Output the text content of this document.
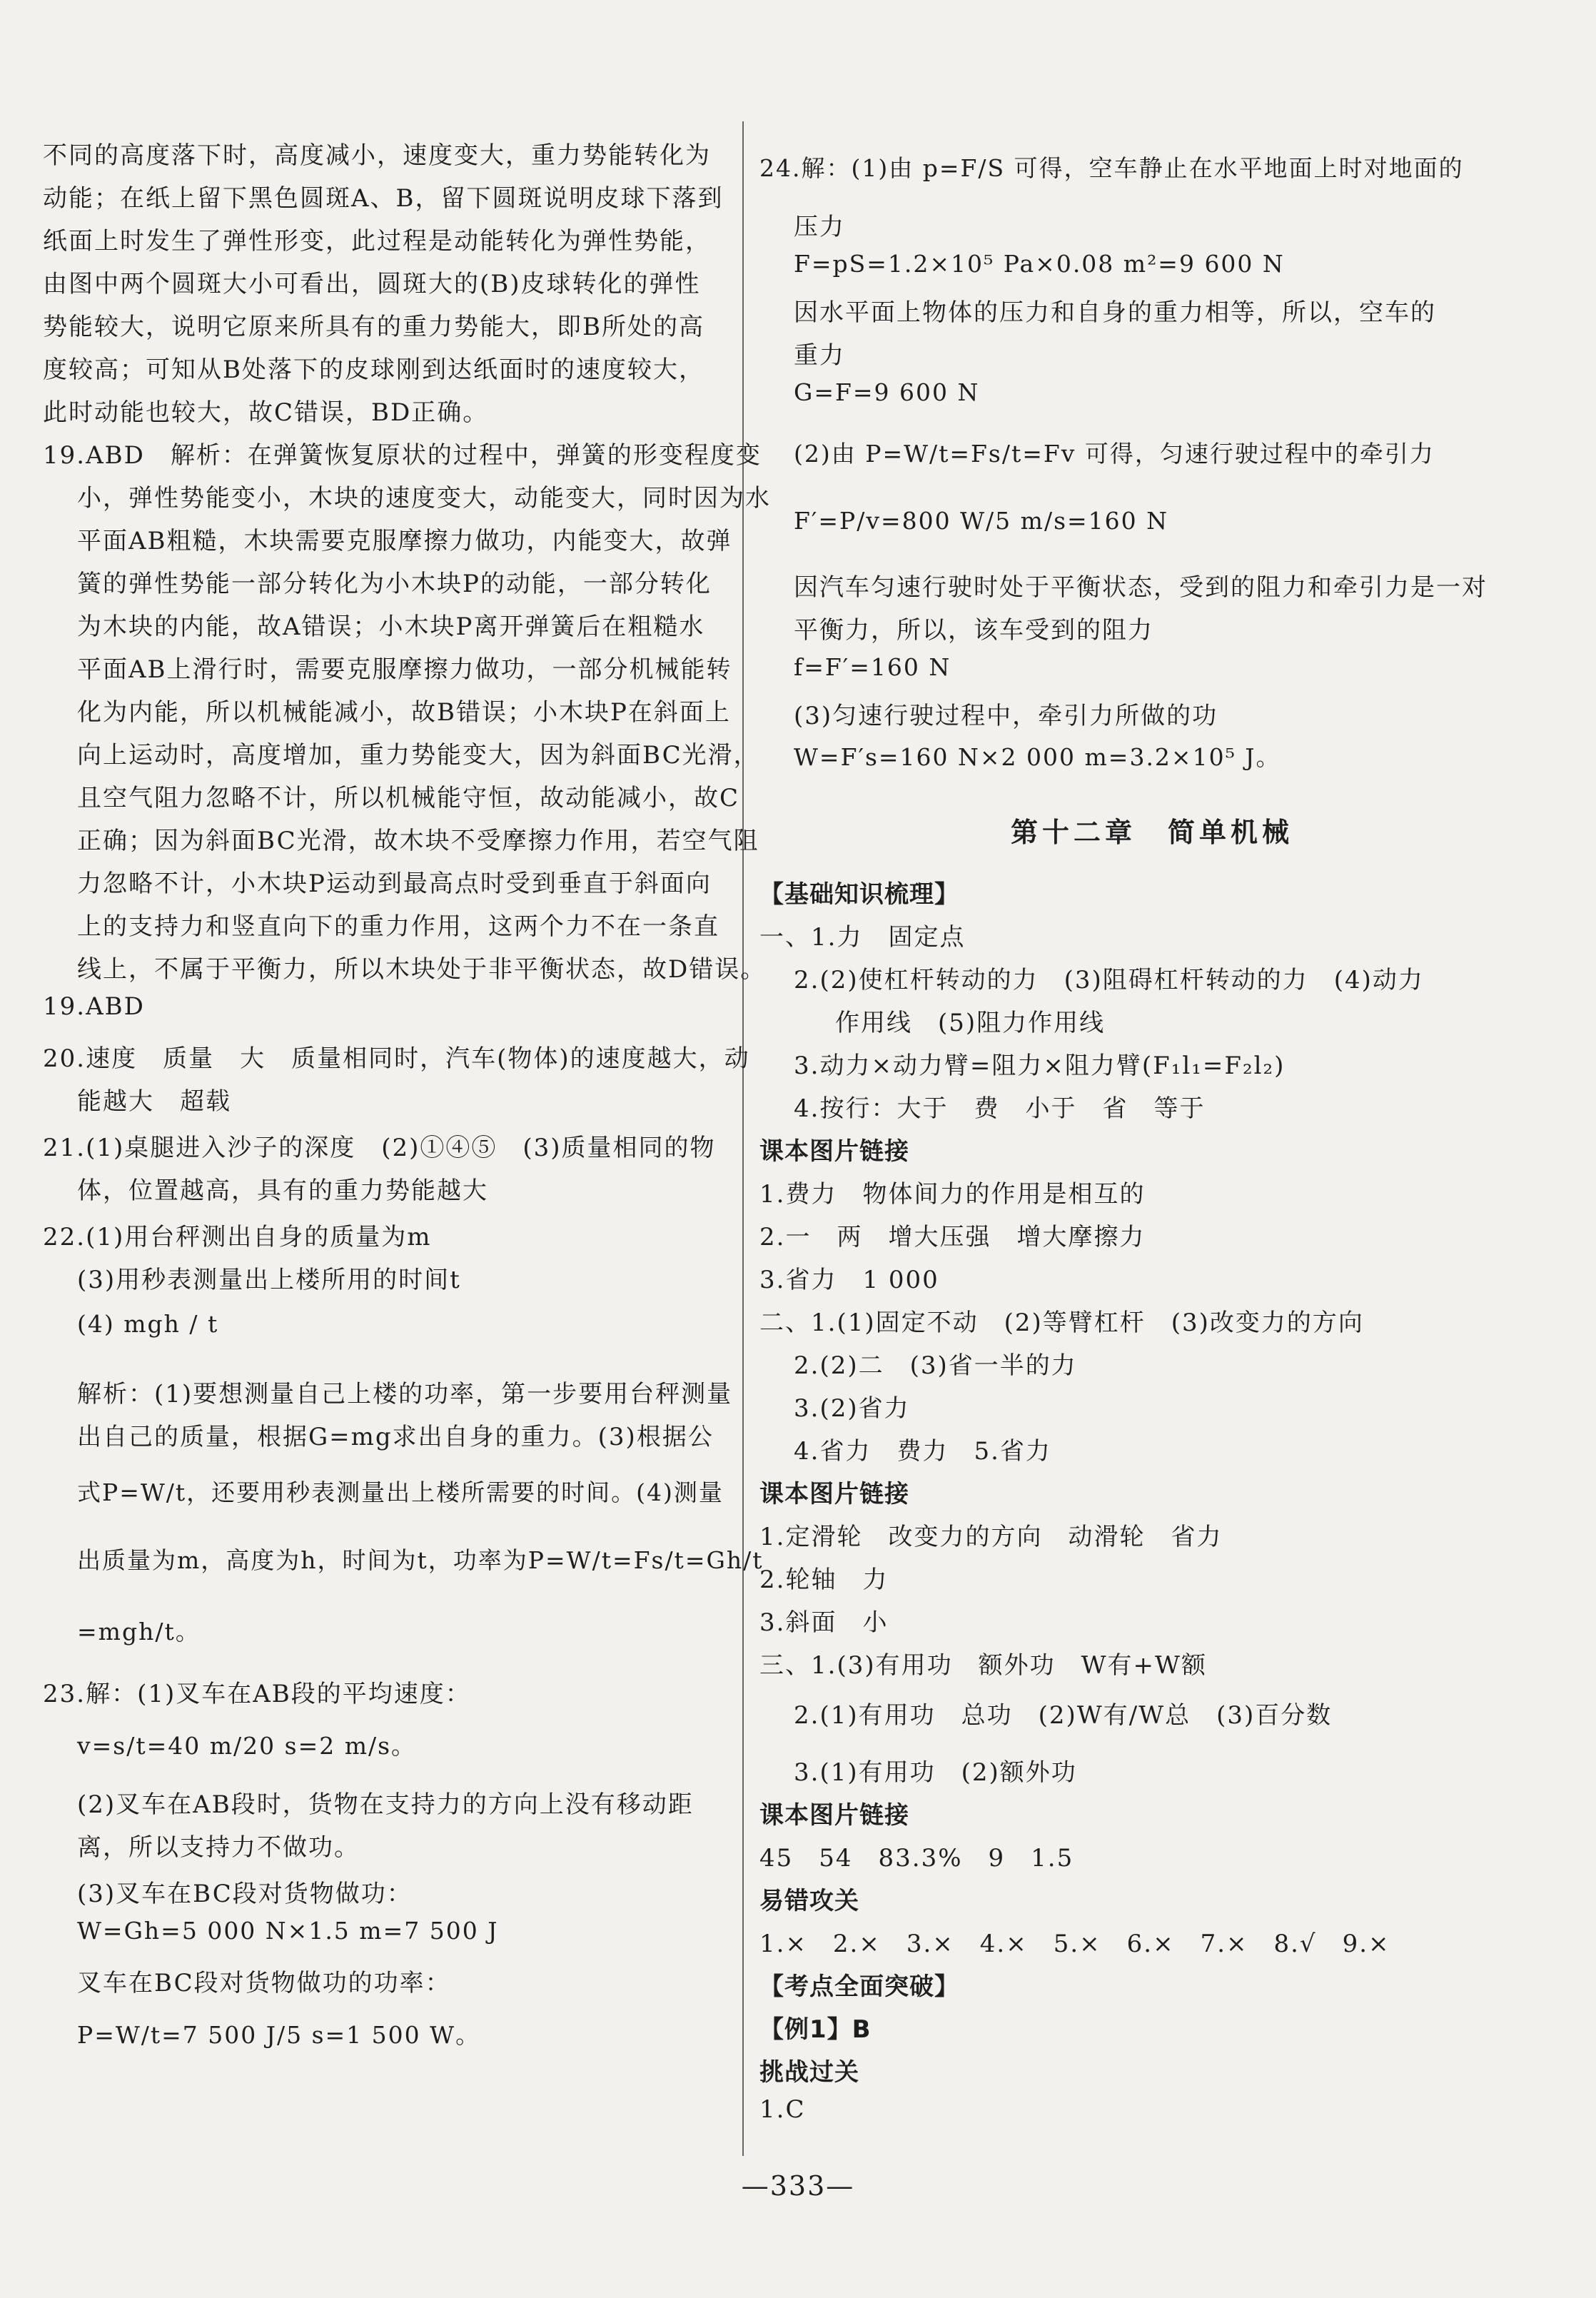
不同的高度落下时，高度减小，速度变大，重力势能转化为
动能；在纸上留下黑色圆斑A、B，留下圆斑说明皮球下落到
纸面上时发生了弹性形变，此过程是动能转化为弹性势能，
由图中两个圆斑大小可看出，圆斑大的(B)皮球转化的弹性
势能较大，说明它原来所具有的重力势能大，即B所处的高
度较高；可知从B处落下的皮球刚到达纸面时的速度较大，
此时动能也较大，故C错误，BD正确。
19.ABD　解析：在弹簧恢复原状的过程中，弹簧的形变程度变
小，弹性势能变小，木块的速度变大，动能变大，同时因为水
平面AB粗糙，木块需要克服摩擦力做功，内能变大，故弹
簧的弹性势能一部分转化为小木块P的动能，一部分转化
为木块的内能，故A错误；小木块P离开弹簧后在粗糙水
平面AB上滑行时，需要克服摩擦力做功，一部分机械能转
化为内能，所以机械能减小，故B错误；小木块P在斜面上
向上运动时，高度增加，重力势能变大，因为斜面BC光滑，
且空气阻力忽略不计，所以机械能守恒，故动能减小，故C
正确；因为斜面BC光滑，故木块不受摩擦力作用，若空气阻
力忽略不计，小木块P运动到最高点时受到垂直于斜面向
上的支持力和竖直向下的重力作用，这两个力不在一条直
线上，不属于平衡力，所以木块处于非平衡状态，故D错误。
19.ABD
20.速度　质量　大　质量相同时，汽车(物体)的速度越大，动
能越大　超载
21.(1)桌腿进入沙子的深度　(2)①④⑤　(3)质量相同的物
体，位置越高，具有的重力势能越大
22.(1)用台秤测出自身的质量为m
(3)用秒表测量出上楼所用的时间t
(4) mgh / t
解析：(1)要想测量自己上楼的功率，第一步要用台秤测量
出自己的质量，根据G=mg求出自身的重力。(3)根据公
式P=W/t，还要用秒表测量出上楼所需要的时间。(4)测量
出质量为m，高度为h，时间为t，功率为P=W/t=Fs/t=Gh/t
=mgh/t。
23.解：(1)叉车在AB段的平均速度：
v=s/t=40 m/20 s=2 m/s。
(2)叉车在AB段时，货物在支持力的方向上没有移动距
离，所以支持力不做功。
(3)叉车在BC段对货物做功：
W=Gh=5 000 N×1.5 m=7 500 J
叉车在BC段对货物做功的功率：
P=W/t=7 500 J/5 s=1 500 W。
24.解：(1)由 p=F/S 可得，空车静止在水平地面上时对地面的
压力
F=pS=1.2×10⁵ Pa×0.08 m²=9 600 N
因水平面上物体的压力和自身的重力相等，所以，空车的
重力
G=F=9 600 N
(2)由 P=W/t=Fs/t=Fv 可得，匀速行驶过程中的牵引力
F′=P/v=800 W/5 m/s=160 N
因汽车匀速行驶时处于平衡状态，受到的阻力和牵引力是一对
平衡力，所以，该车受到的阻力
f=F′=160 N
(3)匀速行驶过程中，牵引力所做的功
W=F′s=160 N×2 000 m=3.2×10⁵ J。
第十二章　简单机械
【基础知识梳理】
一、1.力　固定点
2.(2)使杠杆转动的力　(3)阻碍杠杆转动的力　(4)动力
作用线　(5)阻力作用线
3.动力×动力臂=阻力×阻力臂(F₁l₁=F₂l₂)
4.按行：大于　费　小于　省　等于
课本图片链接
1.费力　物体间力的作用是相互的
2.一　两　增大压强　增大摩擦力
3.省力　1 000
二、1.(1)固定不动　(2)等臂杠杆　(3)改变力的方向
2.(2)二　(3)省一半的力
3.(2)省力
4.省力　费力　5.省力
课本图片链接
1.定滑轮　改变力的方向　动滑轮　省力
2.轮轴　力
3.斜面　小
三、1.(3)有用功　额外功　W有+W额
2.(1)有用功　总功　(2)W有/W总　(3)百分数
3.(1)有用功　(2)额外功
课本图片链接
45　54　83.3%　9　1.5
易错攻关
1.×　2.×　3.×　4.×　5.×　6.×　7.×　8.√　9.×
【考点全面突破】
【例1】B
挑战过关
1.C
—333—
